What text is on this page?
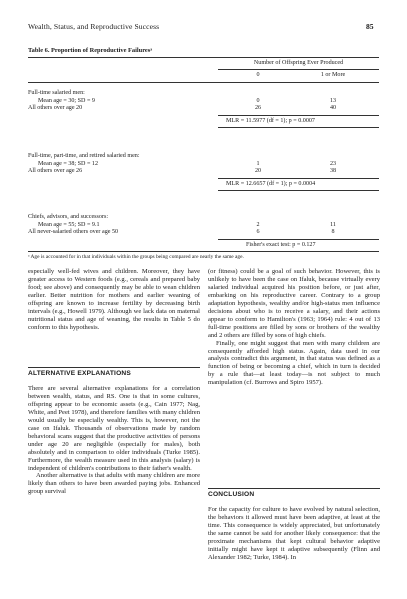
Wealth, Status, and Reproductive Success	85
Table 6. Proportion of Reproductive Failuresᵃ
Number of Offspring Ever Produced
0	1 or More
Full-time salaried men:
Mean age = 30; SD = 9	0	13
All others over age 20	26	40
MLR = 11.5977 (df = 1); p = 0.0007
Full-time, part-time, and retired salaried men:
Mean age = 38; SD = 12	1	23
All others over age 26	20	38
MLR = 12.6657 (df = 1); p = 0.0004
Chiefs, advisors, and successors:
Mean age = 55; SD = 9.1	2	11
All never-salaried others over age 50	6	8
Fisher's exact test: p = 0.127
ᵃ Age is accounted for in that individuals within the groups being compared are nearly the same age.

especially well-fed wives and children. Moreover, they have greater access to Western foods (e.g., cereals and prepared baby food; see above) and consequently may be able to wean children earlier. Better nutrition for mothers and earlier weaning of offspring are known to increase fertility by decreasing birth intervals (e.g., Howell 1979). Although we lack data on maternal nutritional status and age of weaning, the results in Table 5 do conform to this hypothesis.

ALTERNATIVE EXPLANATIONS

There are several alternative explanations for a correlation between wealth, status, and RS. One is that in some cultures, offspring appear to be economic assets (e.g., Cain 1977; Nag, White, and Peet 1978), and therefore families with many children would usually be especially wealthy. This is, however, not the case on Ifaluk. Thousands of observations made by random behavioral scans suggest that the productive activities of persons under age 20 are negligible (especially for males), both absolutely and in comparison to older individuals (Turke 1985). Furthermore, the wealth measure used in this analysis (salary) is independent of children's contributions to their father's wealth.

Another alternative is that adults with many children are more likely than others to have been awarded paying jobs. Enhanced group survival

(or fitness) could be a goal of such behavior. However, this is unlikely to have been the case on Ifaluk, because virtually every salaried individual acquired his position before, or just after, embarking on his reproductive career. Contrary to a group adaptation hypothesis, wealthy and/or high-status men influence decisions about who is to receive a salary, and their actions appear to conform to Hamilton's (1963; 1964) rule: 4 out of 13 full-time positions are filled by sons or brothers of the wealthy and 2 others are filled by sons of high chiefs.

Finally, one might suggest that men with many children are consequently afforded high status. Again, data used in our analysis contradict this argument, in that status was defined as a function of being or becoming a chief, which in turn is decided by a rule that—at least today—is not subject to much manipulation (cf. Burrows and Spiro 1957).

CONCLUSION

For the capacity for culture to have evolved by natural selection, the behaviors it allowed must have been adaptive, at least at the time. This consequence is widely appreciated, but unfortunately the same cannot be said for another likely consequence: that the proximate mechanisms that kept cultural behavior adaptive initially might have kept it adaptive subsequently (Flinn and Alexander 1982; Turke, 1984). In
